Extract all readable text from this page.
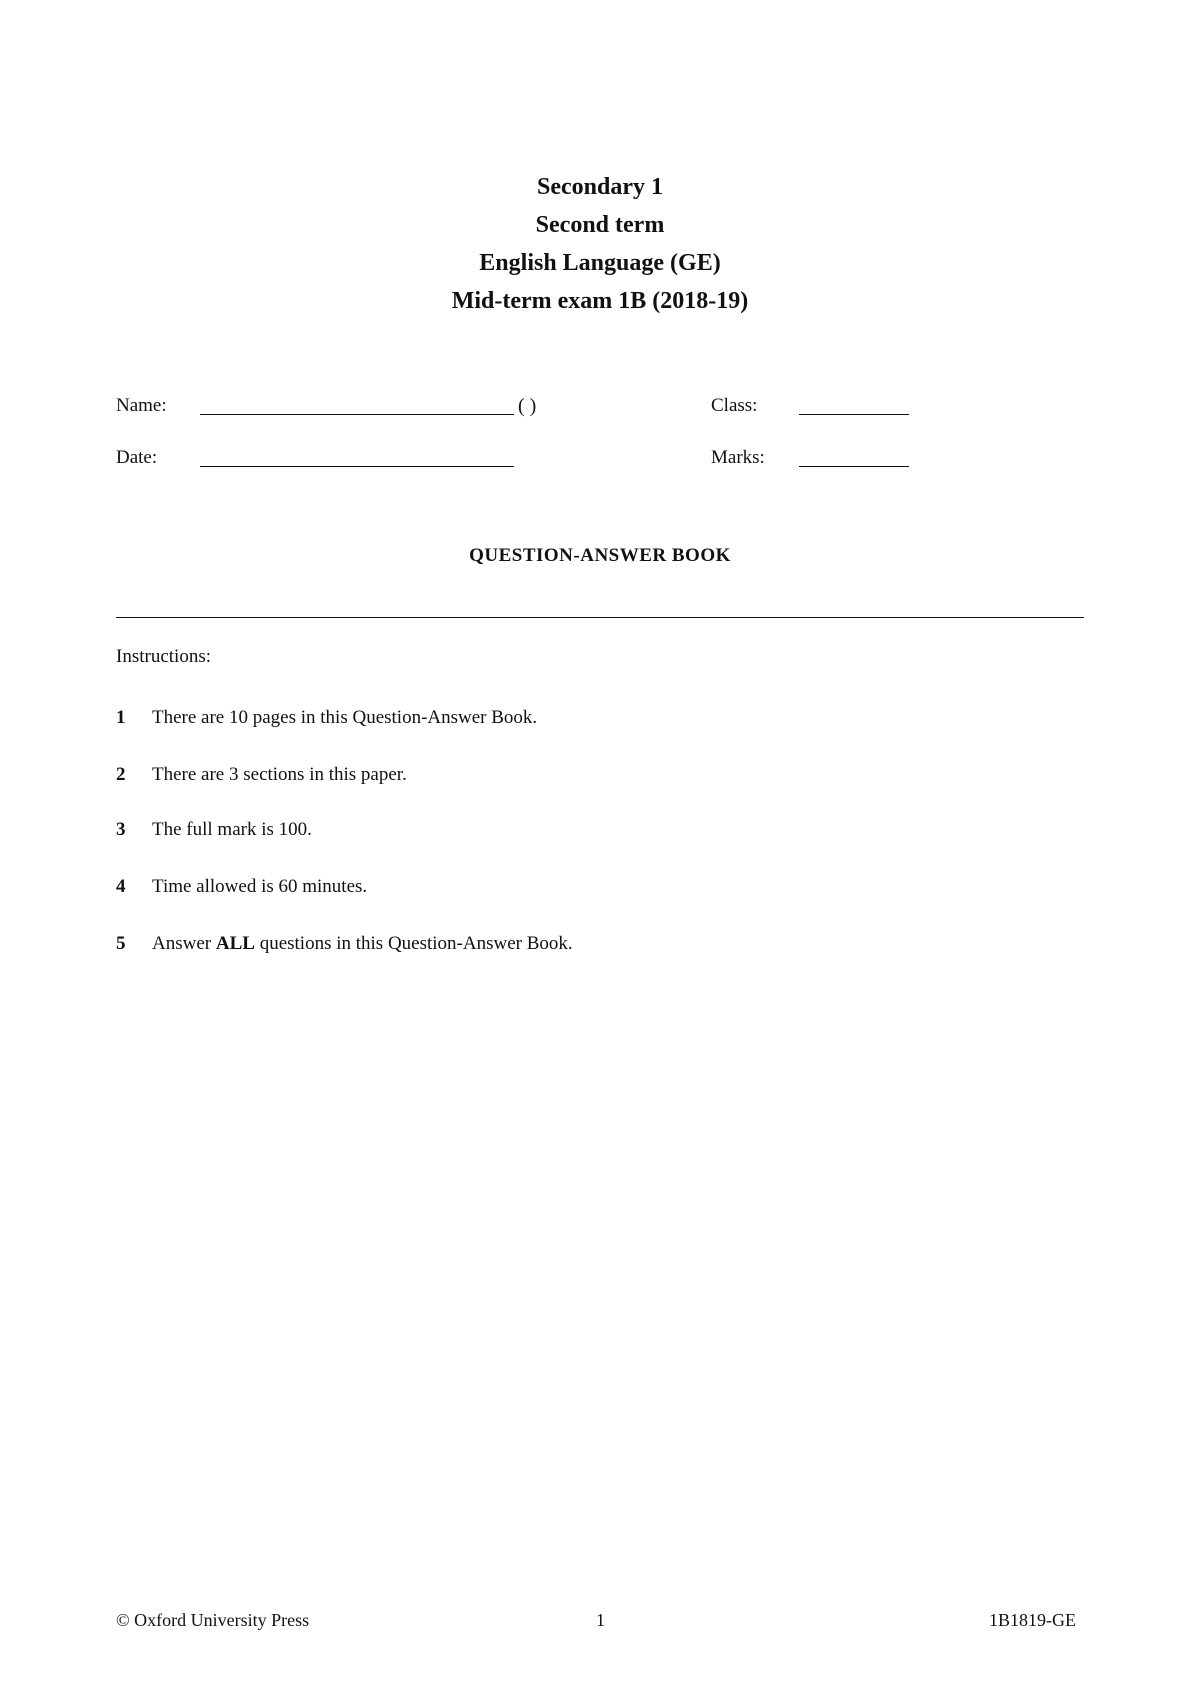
Secondary 1

Second term

English Language (GE)

Mid-term exam 1B (2018‑19)

Name:	( )	Class:
Date:	Marks:
QUESTION-ANSWER BOOK
Instructions:
1 There are 10 pages in this Question-Answer Book.
2 There are 3 sections in this paper.
3 The full mark is 100.
4 Time allowed is 60 minutes.
5 Answer ALL questions in this Question-Answer Book.
© Oxford University Press	1	1B1819-GE
